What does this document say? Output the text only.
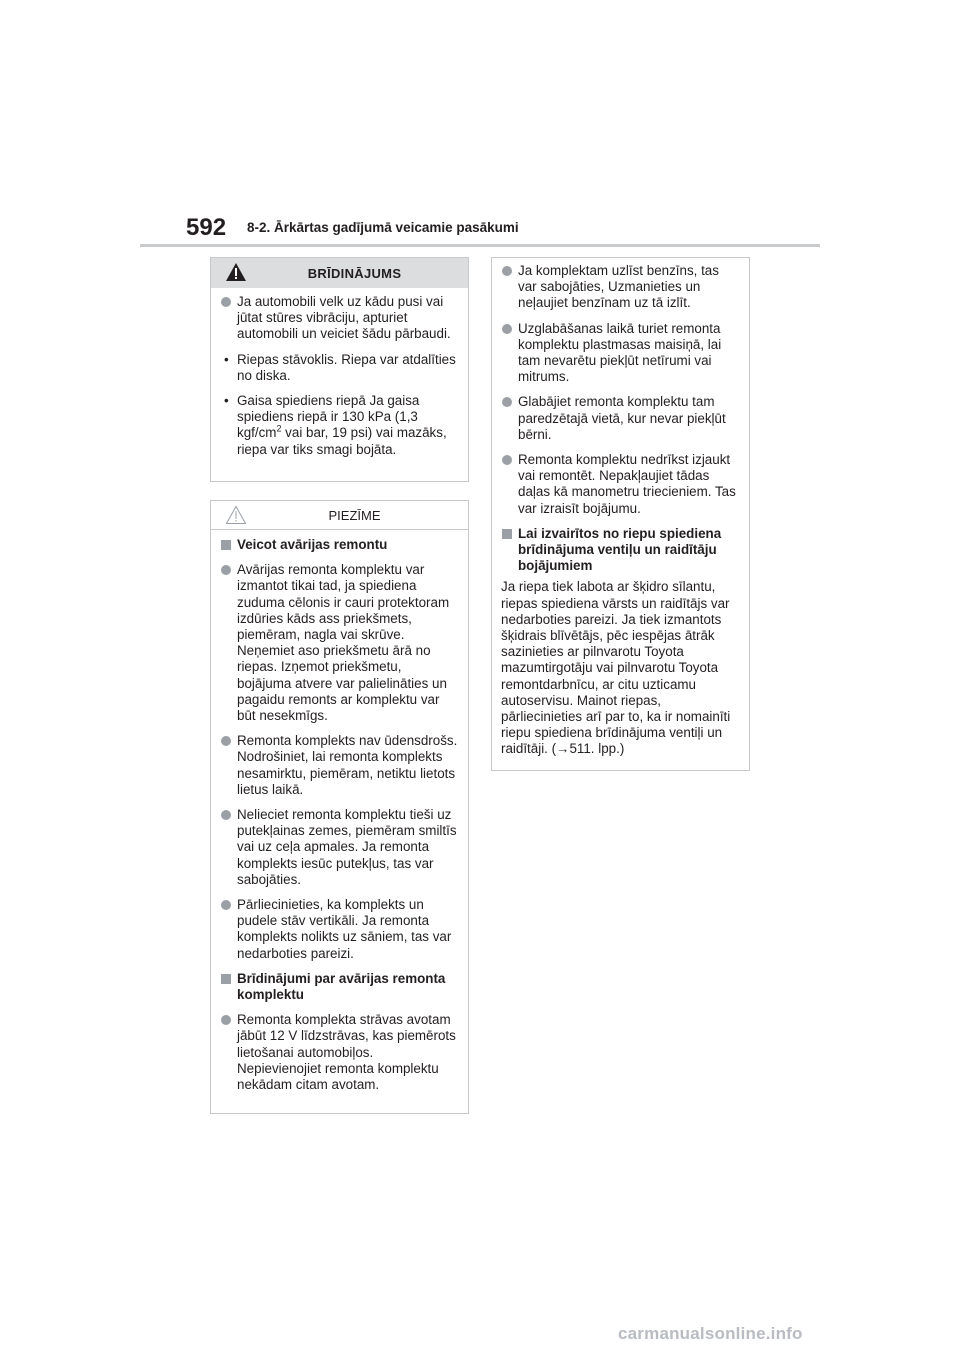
592 8-2. Ārkārtas gadījumā veicamie pasākumi
BRĪDINĀJUMS
Ja automobili velk uz kādu pusi vai jūtat stūres vibrāciju, apturiet automobili un veiciet šādu pārbaudi.
• Riepas stāvoklis. Riepa var atdalīties no diska.
• Gaisa spiediens riepā Ja gaisa spiediens riepā ir 130 kPa (1,3 kgf/$cm^2$ vai bar, 19 psi) vai mazāks, riepa var tiks smagi bojāta.
PIEZĪME
Veicot avārijas remontu
Avārijas remonta komplektu var izmantot tikai tad, ja spiediena zuduma cēlonis ir cauri protektoram izdūries kāds ass priekšmets, piemēram, nagla vai skrūve. Neņemiet aso priekšmetu ārā no riepas. Izņemot priekšmetu, bojājuma atvere var palielināties un pagaidu remonts ar komplektu var būt nesekmīgs.
Remonta komplekts nav ūdensdrošs. Nodrošiniet, lai remonta komplekts nesamirktu, piemēram, netiktu lietots lietus laikā.
Nelieciet remonta komplektu tieši uz putekļainas zemes, piemēram smiltīs vai uz ceļa apmales. Ja remonta komplekts iesūc putekļus, tas var sabojāties.
Pārliecinieties, ka komplekts un pudele stāv vertikāli. Ja remonta komplekts nolikts uz sāniem, tas var nedarboties pareizi.
Brīdinājumi par avārijas remonta komplektu
Remonta komplekta strāvas avotam jābūt 12 V līdzstrāvas, kas piemērots lietošanai automobiļos. Nepievienojiet remonta komplektu nekādam citam avotam.
Ja komplektam uzlīst benzīns, tas var sabojāties, Uzmanieties un neļaujiet benzīnam uz tā izlīt.
Uzglabāšanas laikā turiet remonta komplektu plastmasas maisiņā, lai tam nevarētu piekļūt netīrumi vai mitrums.
Glabājiet remonta komplektu tam paredzētajā vietā, kur nevar piekļūt bērni.
Remonta komplektu nedrīkst izjaukt vai remontēt. Nepakļaujiet tādas daļas kā manometru triecieniem. Tas var izraisīt bojājumu.
Lai izvairītos no riepu spiediena brīdinājuma ventiļu un raidītāju bojājumiem
Ja riepa tiek labota ar šķidro sīlantu, riepas spiediena vārsts un raidītājs var nedarboties pareizi. Ja tiek izmantots šķidrais blīvētājs, pēc iespējas ātrāk sazinieties ar pilnvarotu Toyota mazumtirgotāju vai pilnvarotu Toyota remontdarbnīcu, ar citu uzticamu autoservisu. Mainot riepas, pārliecinieties arī par to, ka ir nomainīti riepu spiediena brīdinājuma ventiļi un raidītāji. (→511. lpp.)
carmanualsonline.info
